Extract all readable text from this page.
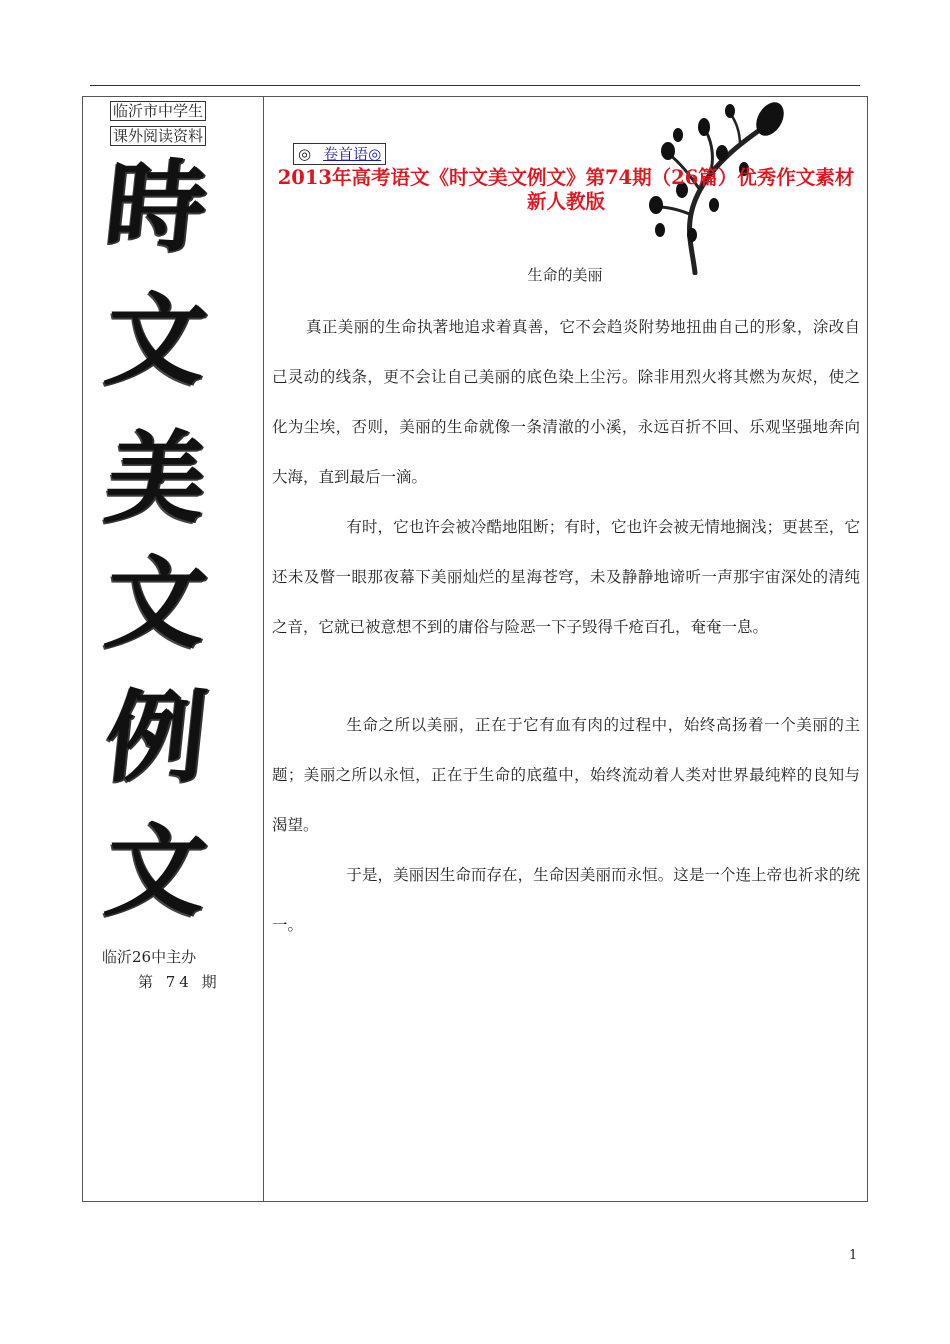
临沂市中学生
课外阅读资料
時
文
美
文
例
文
临沂26中主办
第 74 期
◎ 卷首语◎
2013年高考语文《时文美文例文》第74期（26篇）优秀作文素材 新人教版
生命的美丽

真正美丽的生命执著地追求着真善，它不会趋炎附势地扭曲自己的形象，涂改自己灵动的线条，更不会让自己美丽的底色染上尘污。除非用烈火将其燃为灰烬，使之化为尘埃，否则，美丽的生命就像一条清澈的小溪，永远百折不回、乐观坚强地奔向大海，直到最后一滴。

有时，它也许会被冷酷地阻断；有时，它也许会被无情地搁浅；更甚至，它还未及瞥一眼那夜幕下美丽灿烂的星海苍穹，未及静静地谛听一声那宇宙深处的清纯之音，它就已被意想不到的庸俗与险恶一下子毁得千疮百孔，奄奄一息。

生命之所以美丽，正在于它有血有肉的过程中，始终高扬着一个美丽的主题；美丽之所以永恒，正在于生命的底蕴中，始终流动着人类对世界最纯粹的良知与渴望。

于是，美丽因生命而存在，生命因美丽而永恒。这是一个连上帝也祈求的统一。

1
